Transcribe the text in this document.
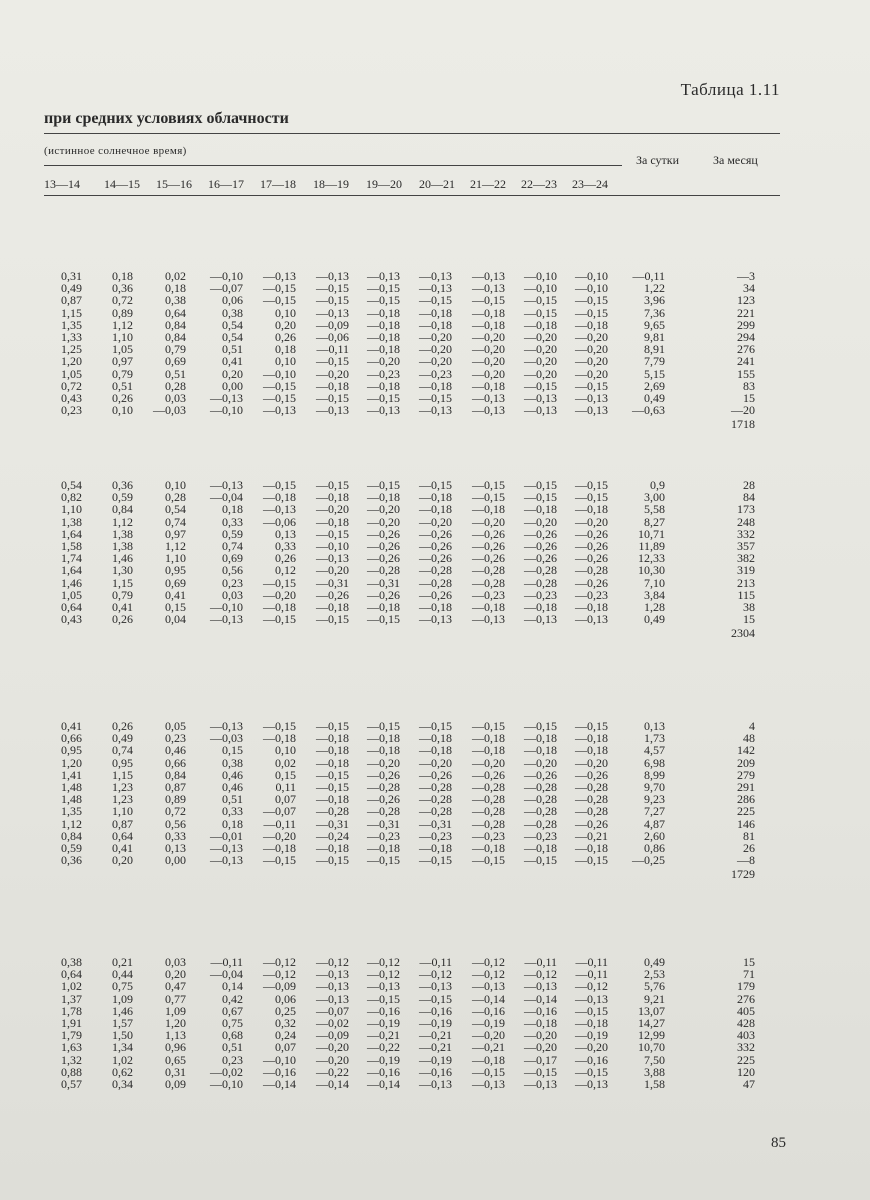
Таблица 1.11
при средних условиях облачности
(истинное солнечное время)
За сутки	За месяц
13—14 14—15 15—16 16—17 17—18 18—19 19—20 20—21 21—22 22—23 23—24
0,31	0,18	0,02 —0,10 —0,13 —0,13 —0,13 —0,13 —0,13 —0,10 —0,10 —0,11	—3
0,49	0,36	0,18 —0,07 —0,15 —0,15 —0,15 —0,13 —0,13 —0,10 —0,10	1,22	34
0,87	0,72	0,38	0,06 —0,15 —0,15 —0,15 —0,15 —0,15 —0,15 —0,15	3,96	123
1,15	0,89	0,64	0,38	0,10 —0,13 —0,18 —0,18 —0,18 —0,15 —0,15	7,36	221
1,35	1,12	0,84	0,54	0,20 —0,09 —0,18 —0,18 —0,18 —0,18 —0,18	9,65	299
1,33	1,10	0,84	0,54	0,26 —0,06 —0,18 —0,20 —0,20 —0,20 —0,20	9,81	294
1,25	1,05	0,79	0,51	0,18 —0,11 —0,18 —0,20 —0,20 —0,20 —0,20	8,91	276
1,20	0,97	0,69	0,41	0,10 —0,15 —0,20 —0,20 —0,20 —0,20 —0,20	7,79	241
1,05	0,79	0,51	0,20 —0,10 —0,20 —0,23 —0,23 —0,20 —0,20 —0,20	5,15	155
0,72	0,51	0,28	0,00 —0,15 —0,18 —0,18 —0,18 —0,18 —0,15 —0,15	2,69	83
0,43	0,26	0,03 —0,13 —0,15 —0,15 —0,15 —0,15 —0,13 —0,13 —0,13	0,49	15
0,23	0,10 —0,03 —0,10 —0,13 —0,13 —0,13 —0,13 —0,13 —0,13 —0,13 —0,63	—20
1718
0,54	0,36	0,10 —0,13 —0,15 —0,15 —0,15 —0,15 —0,15 —0,15 —0,15	0,9	28
0,82	0,59	0,28 —0,04 —0,18 —0,18 —0,18 —0,18 —0,15 —0,15 —0,15	3,00	84
1,10	0,84	0,54	0,18 —0,13 —0,20 —0,20 —0,18 —0,18 —0,18 —0,18	5,58	173
1,38	1,12	0,74	0,33 —0,06 —0,18 —0,20 —0,20 —0,20 —0,20 —0,20	8,27	248
1,64	1,38	0,97	0,59	0,13 —0,15 —0,26 —0,26 —0,26 —0,26 —0,26	10,71	332
1,58	1,38	1,12	0,74	0,33 —0,10 —0,26 —0,26 —0,26 —0,26 —0,26	11,89	357
1,74	1,46	1,10	0,69	0,26 —0,13 —0,26 —0,26 —0,26 —0,26 —0,26	12,33	382
1,64	1,30	0,95	0,56	0,12 —0,20 —0,28 —0,28 —0,28 —0,28 —0,28	10,30	319
1,46	1,15	0,69	0,23 —0,15 —0,31 —0,31 —0,28 —0,28 —0,28 —0,26	7,10	213
1,05	0,79	0,41	0,03 —0,20 —0,26 —0,26 —0,26 —0,23 —0,23 —0,23	3,84	115
0,64	0,41	0,15 —0,10 —0,18 —0,18 —0,18 —0,18 —0,18 —0,18 —0,18	1,28	38
0,43	0,26	0,04 —0,13 —0,15 —0,15 —0,15 —0,13 —0,13 —0,13 —0,13	0,49	15
2304
0,41	0,26	0,05 —0,13 —0,15 —0,15 —0,15 —0,15 —0,15 —0,15 —0,15	0,13	4
0,66	0,49	0,23 —0,03 —0,18 —0,18 —0,18 —0,18 —0,18 —0,18 —0,18	1,73	48
0,95	0,74	0,46	0,15	0,10 —0,18 —0,18 —0,18 —0,18 —0,18 —0,18	4,57	142
1,20	0,95	0,66	0,38	0,02 —0,18 —0,20 —0,20 —0,20 —0,20 —0,20	6,98	209
1,41	1,15	0,84	0,46	0,15 —0,15 —0,26 —0,26 —0,26 —0,26 —0,26	8,99	279
1,48	1,23	0,87	0,46	0,11 —0,15 —0,28 —0,28 —0,28 —0,28 —0,28	9,70	291
1,48	1,23	0,89	0,51	0,07 —0,18 —0,26 —0,28 —0,28 —0,28 —0,28	9,23	286
1,35	1,10	0,72	0,33 —0,07 —0,28 —0,28 —0,28 —0,28 —0,28 —0,28	7,27	225
1,12	0,87	0,56	0,18 —0,11 —0,31 —0,31 —0,31 —0,28 —0,28 —0,26	4,87	146
0,84	0,64	0,33 —0,01 —0,20 —0,24 —0,23 —0,23 —0,23 —0,23 —0,21	2,60	81
0,59	0,41	0,13 —0,13 —0,18 —0,18 —0,18 —0,18 —0,18 —0,18 —0,18	0,86	26
0,36	0,20	0,00 —0,13 —0,15 —0,15 —0,15 —0,15 —0,15 —0,15 —0,15 —0,25	—8
1729
0,38	0,21	0,03 —0,11 —0,12 —0,12 —0,12 —0,11 —0,12 —0,11 —0,11	0,49	15
0,64	0,44	0,20 —0,04 —0,12 —0,13 —0,12 —0,12 —0,12 —0,12 —0,11	2,53	71
1,02	0,75	0,47	0,14 —0,09 —0,13 —0,13 —0,13 —0,13 —0,13 —0,12	5,76	179
1,37	1,09	0,77	0,42	0,06 —0,13 —0,15 —0,15 —0,14 —0,14 —0,13	9,21	276
1,78	1,46	1,09	0,67	0,25 —0,07 —0,16 —0,16 —0,16 —0,16 —0,15	13,07	405
1,91	1,57	1,20	0,75	0,32 —0,02 —0,19 —0,19 —0,19 —0,18 —0,18	14,27	428
1,79	1,50	1,13	0,68	0,24 —0,09 —0,21 —0,21 —0,20 —0,20 —0,19	12,99	403
1,63	1,34	0,96	0,51	0,07 —0,20 —0,22 —0,21 —0,21 —0,20 —0,20	10,70	332
1,32	1,02	0,65	0,23 —0,10 —0,20 —0,19 —0,19 —0,18 —0,17 —0,16	7,50	225
0,88	0,62	0,31 —0,02 —0,16 —0,22 —0,16 —0,16 —0,15 —0,15 —0,15	3,88	120
0,57	0,34	0,09 —0,10 —0,14 —0,14 —0,14 —0,13 —0,13 —0,13 —0,13	1,58	47
85
